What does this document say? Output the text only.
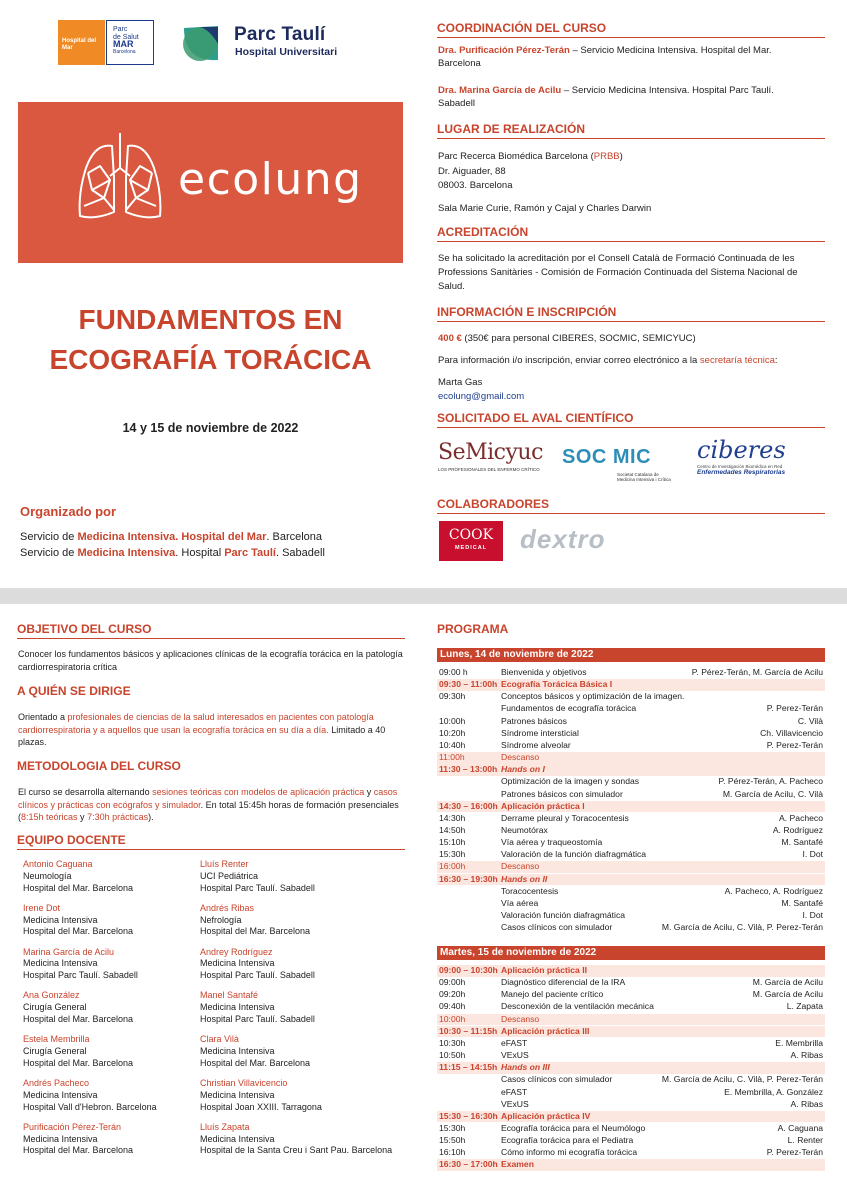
Hospital del Mar
Parc
de Salut
MAR
Barcelona
Parc Taulí
Hospital Universitari
ecolung
FUNDAMENTOS EN
ECOGRAFÍA TORÁCICA
14 y 15 de noviembre de 2022
Organizado por
Servicio de Medicina Intensiva. Hospital del Mar. Barcelona
Servicio de Medicina Intensiva. Hospital Parc Taulí. Sabadell
COORDINACIÓN DEL CURSO
Dra. Purificación Pérez-Terán – Servicio Medicina Intensiva. Hospital del Mar.
Barcelona
Dra. Marina García de Acilu – Servicio Medicina Intensiva. Hospital Parc Taulí.
Sabadell
LUGAR DE REALIZACIÓN
Parc Recerca Biomédica Barcelona (PRBB)
Dr. Aiguader, 88
08003. Barcelona
Sala Marie Curie, Ramón y Cajal y Charles Darwin
ACREDITACIÓN
Se ha solicitado la acreditación por el Consell Català de Formació Continuada de les
Professions Sanitàries - Comisión de Formación Continuada del Sistema Nacional de
Salud.
INFORMACIÓN E INSCRIPCIÓN
400 € (350€ para personal CIBERES, SOCMIC, SEMICYUC)
Para información i/o inscripción, enviar correo electrónico a la secretaría técnica:
Marta Gas
ecolung@gmail.com
SOLICITADO EL AVAL CIENTÍFICO
SeMicyuc
LOS PROFESIONALES DEL ENFERMO CRÍTICO
SOC MIC
Societat Catalana de
Medicina Intensiva i Crítica
ciberes
Centro de Investigación Biomédica en Red
Enfermedades Respiratorias
COLABORADORES
COOK
MEDICAL	dextro
OBJETIVO DEL CURSO
Conocer los fundamentos básicos y aplicaciones clínicas de la ecografía torácica en la patología
cardiorrespiratoria crítica
A QUIÉN SE DIRIGE
Orientado a profesionales de ciencias de la salud interesados en pacientes con patología
cardiorrespiratoria y a aquellos que usan la ecografía torácica en su día a día. Limitado a 40
plazas.
METODOLOGIA DEL CURSO
El curso se desarrolla alternando sesiones teóricas con modelos de aplicación práctica y casos
clínicos y prácticas con ecógrafos y simulador. En total 15:45h horas de formación presenciales
(8:15h teóricas y 7:30h prácticas).
EQUIPO DOCENTE
PROGRAMA
Lunes, 14 de noviembre de 2022
Martes, 15 de noviembre de 2022
Antonio Caguana
Neumología
Hospital del Mar. Barcelona
Irene Dot
Medicina Intensiva
Hospital del Mar. Barcelona
Marina García de Acilu
Medicina Intensiva
Hospital Parc Taulí. Sabadell
Ana González
Cirugía General
Hospital del Mar. Barcelona
Estela Membrilla
Cirugía General
Hospital del Mar. Barcelona
Andrés Pacheco
Medicina Intensiva
Hospital Vall d'Hebron. Barcelona
Purificación Pérez-Terán
Medicina Intensiva
Hospital del Mar. Barcelona
Lluís Renter
UCI Pediátrica
Hospital Parc Taulí. Sabadell
Andrés Ribas
Nefrología
Hospital del Mar. Barcelona
Andrey Rodríguez
Medicina Intensiva
Hospital Parc Taulí. Sabadell
Manel Santafé
Medicina Intensiva
Hospital Parc Taulí. Sabadell
Clara Vilà
Medicina Intensiva
Hospital del Mar. Barcelona
Christian Villavicencio
Medicina Intensiva
Hospital Joan XXIII. Tarragona
Lluís Zapata
Medicina Intensiva
Hospital de la Santa Creu i Sant Pau. Barcelona
09:00 h	Bienvenida y objetivos	P. Pérez-Terán, M. García de Acilu
09:30 – 11:00h Ecografía Torácica Básica I
09:30h	Conceptos básicos y optimización de la imagen.
Fundamentos de ecografía torácica	P. Perez-Terán
10:00h	Patrones básicos	C. Vilà
10:20h	Síndrome intersticial	Ch. Villavicencio
10:40h	Síndrome alveolar	P. Perez-Terán
11:00h	Descanso
11:30 – 13:00h Hands on I
Optimización de la imagen y sondas	P. Pérez-Terán, A. Pacheco
Patrones básicos con simulador	M. García de Acilu, C. Vilà
14:30 – 16:00h Aplicación práctica I
14:30h	Derrame pleural y Toracocentesis	A. Pacheco
14:50h	Neumotórax	A. Rodríguez
15:10h	Vía aérea y traqueostomía	M. Santafé
15:30h	Valoración de la función diafragmática	I. Dot
16:00h	Descanso
16:30 – 19:30h Hands on II
Toracocentesis	A. Pacheco, A. Rodríguez
Vía aérea	M. Santafé
Valoración función diafragmática	I. Dot
Casos clínicos con simulador	M. García de Acilu, C. Vilà, P. Perez-Terán
09:00 – 10:30h Aplicación práctica II
09:00h	Diagnóstico diferencial de la IRA	M. García de Acilu
09:20h	Manejo del paciente crítico	M. García de Acilu
09:40h	Desconexión de la ventilación mecánica	L. Zapata
10:00h	Descanso
10:30 – 11:15h Aplicación práctica III
10:30h	eFAST	E. Membrilla
10:50h	VExUS	A. Ribas
11:15 – 14:15h Hands on III
Casos clínicos con simulador	M. García de Acilu, C. Vilà, P. Perez-Terán
eFAST	E. Membrilla, A. González
VExUS	A. Ribas
15:30 – 16:30h Aplicación práctica IV
15:30h	Ecografía torácica para el Neumólogo	A. Caguana
15:50h	Ecografía torácica para el Pediatra	L. Renter
16:10h	Cómo informo mi ecografía torácica	P. Perez-Terán
16:30 – 17:00h Examen
